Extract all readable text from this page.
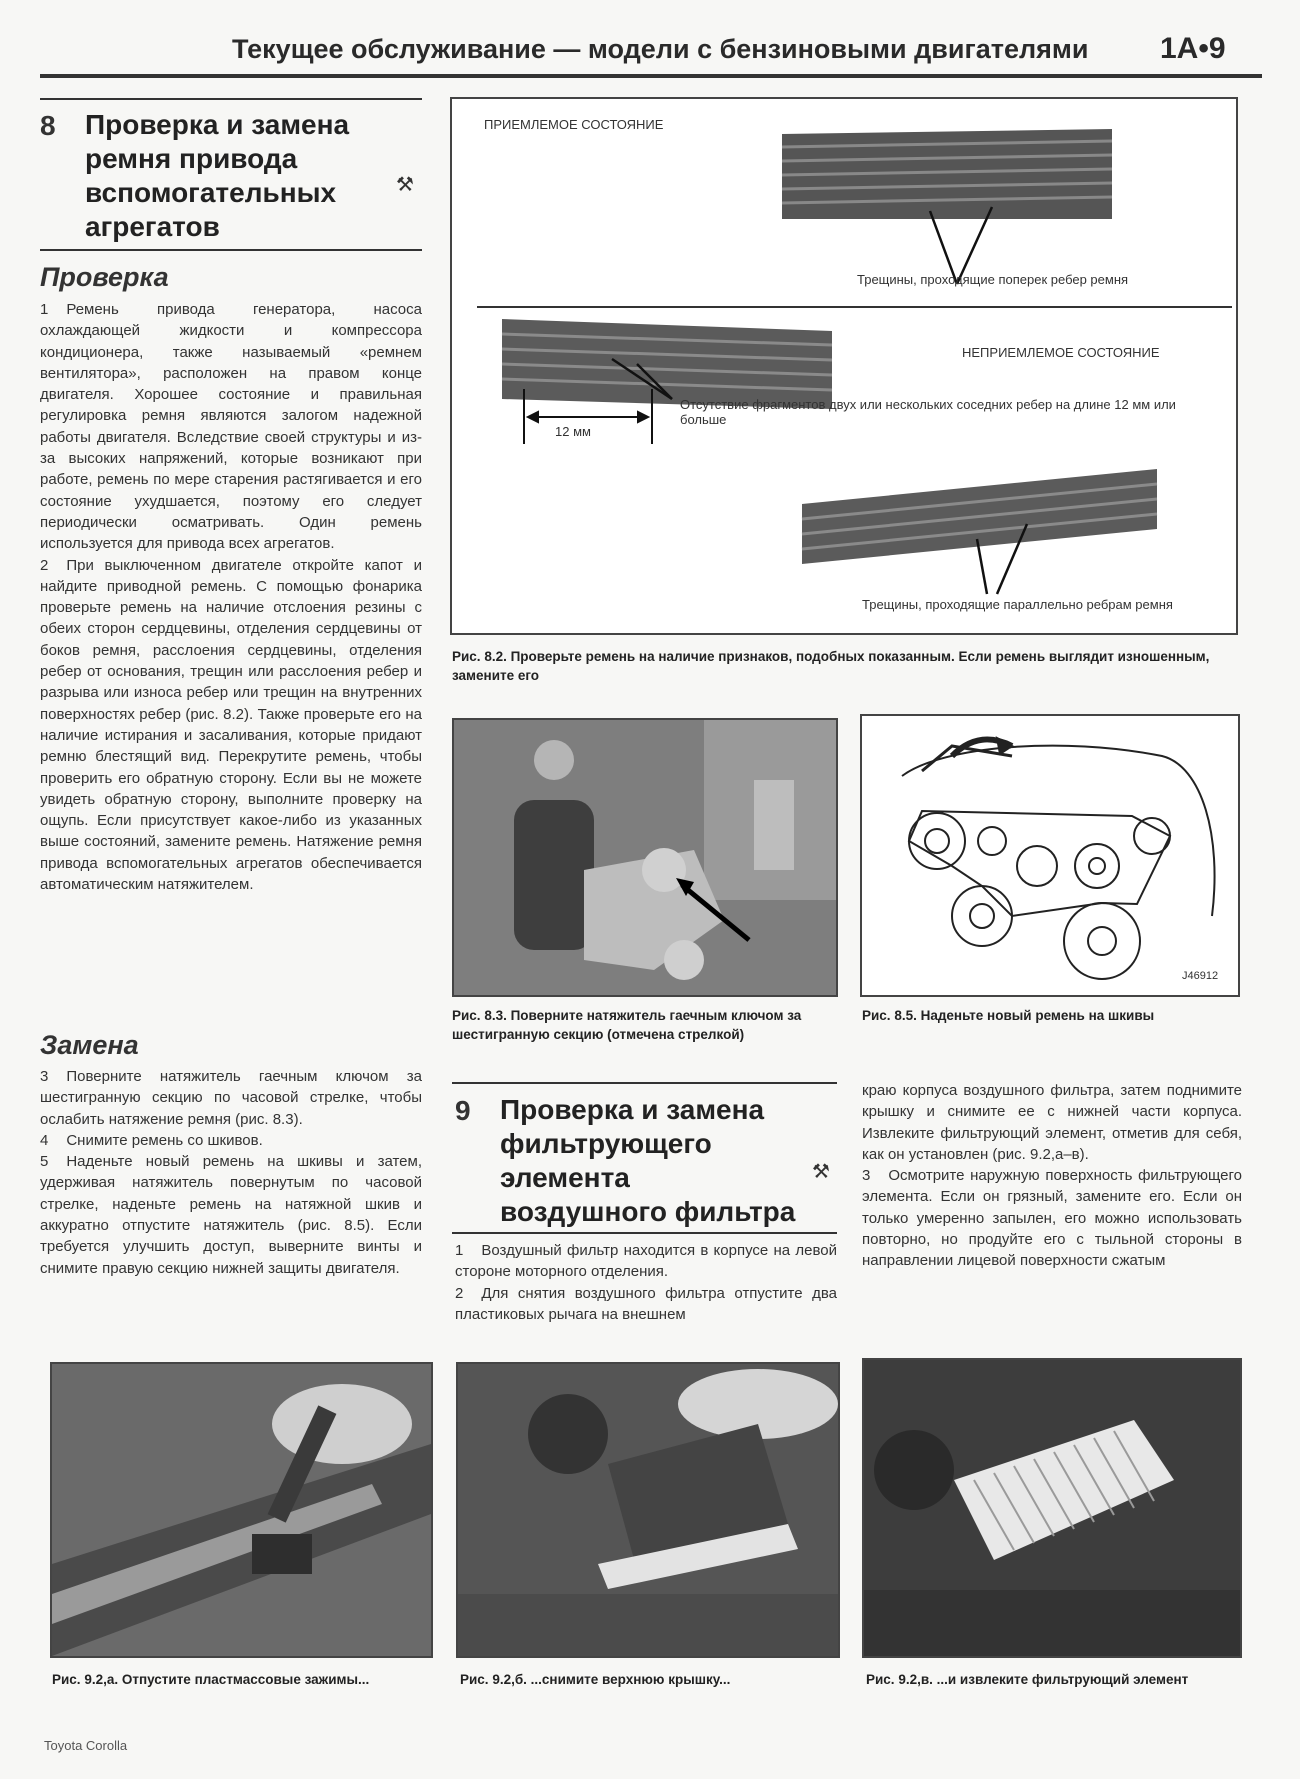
Текущее обслуживание — модели с бензиновыми двигателями	1A•9
8 Проверка и замена
ремня привода
вспомогательных
агрегатов
⚒
Проверка

1 Ремень привода генератора, насоса охлаждающей жидкости и компрессора кондиционера, также называемый «ремнем вентилятора», расположен на правом конце двигателя. Хорошее состояние и правильная регулировка ремня являются залогом надежной работы двигателя. Вследствие своей структуры и из-за высоких напряжений, которые возникают при работе, ремень по мере старения растягивается и его состояние ухудшается, поэтому его следует периодически осматривать. Один ремень используется для привода всех агрегатов.

2 При выключенном двигателе откройте капот и найдите приводной ремень. С помощью фонарика проверьте ремень на наличие отслоения резины с обеих сторон сердцевины, отделения сердцевины от боков ремня, расслоения сердцевины, отделения ребер от основания, трещин или расслоения ребер и разрыва или износа ребер или трещин на внутренних поверхностях ребер (рис. 8.2). Также проверьте его на наличие истирания и засаливания, которые придают ремню блестящий вид. Перекрутите ремень, чтобы проверить его обратную сторону. Если вы не можете увидеть обратную сторону, выполните проверку на ощупь. Если присутствует какое-либо из указанных выше состояний, замените ремень. Натяжение ремня привода вспомогательных агрегатов обеспечивается автоматическим натяжителем.

Замена

3 Поверните натяжитель гаечным ключом за шестигранную секцию по часовой стрелке, чтобы ослабить натяжение ремня (рис. 8.3).

4 Снимите ремень со шкивов.

5 Наденьте новый ремень на шкивы и затем, удерживая натяжитель повернутым по часовой стрелке, наденьте ремень на натяжной шкив и аккуратно отпустите натяжитель (рис. 8.5). Если требуется улучшить доступ, выверните винты и снимите правую секцию нижней защиты двигателя.

ПРИЕМЛЕМОЕ СОСТОЯНИЕ
Трещины, проходящие поперек ребер ремня
НЕПРИЕМЛЕМОЕ СОСТОЯНИЕ
12 мм
Отсутствие фрагментов двух или нескольких соседних ребер на длине 12 мм или больше
Трещины, проходящие параллельно ребрам ремня
Рис. 8.2. Проверьте ремень на наличие признаков, подобных показанным. Если ремень выглядит изношенным, замените его
Рис. 8.3. Поверните натяжитель гаечным ключом за шестигранную секцию (отмечена стрелкой)
J46912
Рис. 8.5. Наденьте новый ремень на шкивы
9 Проверка и замена
фильтрующего
элемента
воздушного фильтра
⚒

1 Воздушный фильтр находится в корпусе на левой стороне моторного отделения.

2 Для снятия воздушного фильтра отпустите два пластиковых рычага на внешнем

краю корпуса воздушного фильтра, затем поднимите крышку и снимите ее с нижней части корпуса. Извлеките фильтрующий элемент, отметив для себя, как он установлен (рис. 9.2,а–в).

3 Осмотрите наружную поверхность фильтрующего элемента. Если он грязный, замените его. Если он только умеренно запылен, его можно использовать повторно, но продуйте его с тыльной стороны в направлении лицевой поверхности сжатым

Рис. 9.2,а. Отпустите пластмассовые зажимы...	Рис. 9.2,б. ...снимите верхнюю крышку...	Рис. 9.2,в. ...и извлеките фильтрующий элемент
Toyota Corolla
